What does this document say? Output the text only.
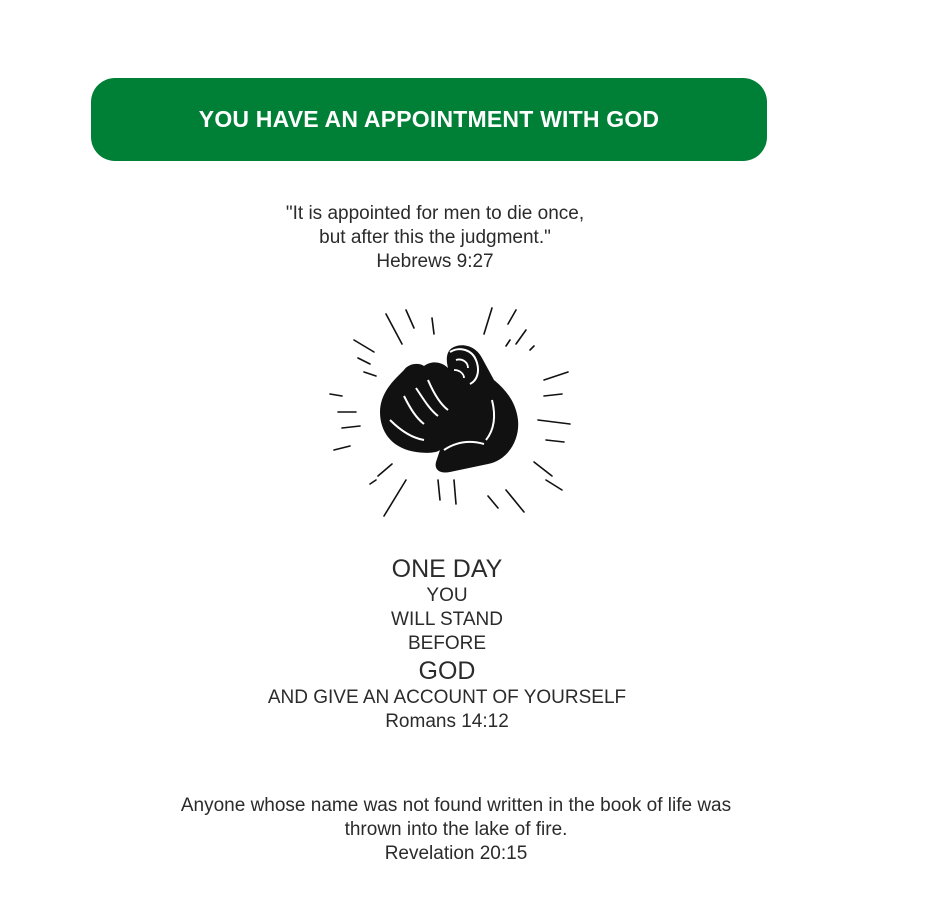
YOU HAVE AN APPOINTMENT WITH GOD
"It is appointed for men to die once,
but after this the judgment."
Hebrews 9:27
ONE DAY
YOU
WILL STAND
BEFORE
GOD
AND GIVE AN ACCOUNT OF YOURSELF
Romans 14:12
Anyone whose name was not found written in the book of life was
thrown into the lake of fire.
Revelation 20:15
